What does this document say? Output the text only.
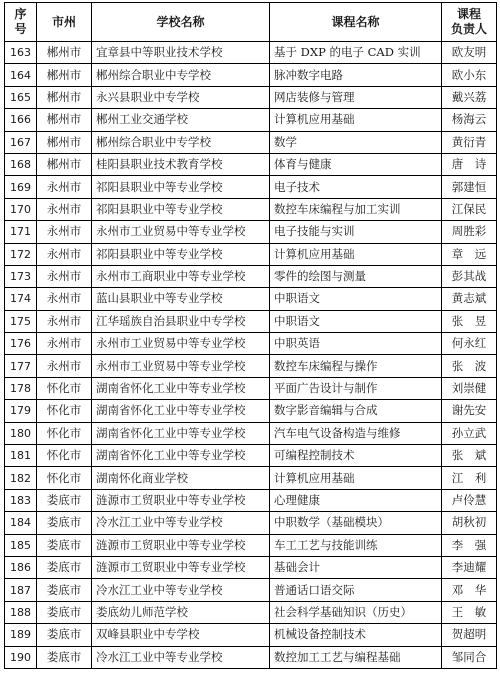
序
号	市州	学校名称	课程名称	课程
负责人

163	郴州市	宜章县中等职业技术学校	基于 DXP 的电子 CAD 实训	欧友明
164	郴州市	郴州综合职业中专学校	脉冲数字电路	欧小东
165	郴州市	永兴县职业中专学校	网店装修与管理	戴兴荔
166	郴州市	郴州工业交通学校	计算机应用基础	杨海云
167	郴州市	郴州综合职业中专学校	数学	黄衍青
168	郴州市	桂阳县职业技术教育学校	体育与健康	唐　诗
169	永州市	祁阳县职业中等专业学校	电子技术	郭建恒
170	永州市	祁阳县职业中等专业学校	数控车床编程与加工实训	江保民
171	永州市	永州市工业贸易中等专业学校	电子技能与实训	周胜彩
172	永州市	祁阳县职业中等专业学校	计算机应用基础	章　远
173	永州市	永州市工商职业中等专业学校	零件的绘图与测量	彭其战
174	永州市	蓝山县职业中等专业学校	中职语文	黄志斌
175	永州市	江华瑶族自治县职业中专学校	中职语文	张　昱
176	永州市	永州市工业贸易中等专业学校	中职英语	何永红
177	永州市	永州市工业贸易中等专业学校	数控车床编程与操作	张　波
178	怀化市	湖南省怀化工业中等专业学校	平面广告设计与制作	刘崇健
179	怀化市	湖南省怀化工业中等专业学校	数字影音编辑与合成	谢先安
180	怀化市	湖南省怀化工业中等专业学校	汽车电气设备构造与维修	孙立武
181	怀化市	湖南省怀化工业中等专业学校	可编程控制技术	张　斌
182	怀化市	湖南怀化商业学校	计算机应用基础	江　利
183	娄底市	涟源市工贸职业中等专业学校	心理健康	卢伶慧
184	娄底市	冷水江工业中等专业学校	中职数学（基础模块）	胡秋初
185	娄底市	涟源市工贸职业中等专业学校	车工工艺与技能训练	李　强
186	娄底市	涟源市工贸职业中等专业学校	基础会计	李迪耀
187	娄底市	冷水江工业中等专业学校	普通话口语交际	邓　华
188	娄底市	娄底幼儿师范学校	社会科学基础知识（历史）	王　敏
189	娄底市	双峰县职业中专学校	机械设备控制技术	贺超明
190	娄底市	冷水江工业中等专业学校	数控加工工艺与编程基础	邹同合
